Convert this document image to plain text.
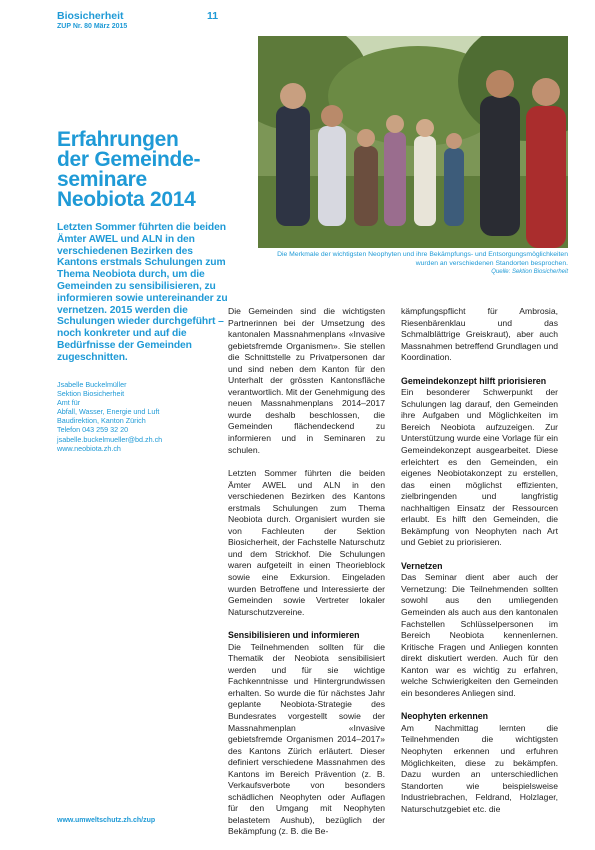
Biosicherheit
ZUP Nr. 80 März 2015
11
Die Merkmale der wichtigsten Neophyten und ihre Bekämpfungs- und Entsorgungsmöglichkeiten wurden an verschiedenen Standorten besprochen.
Quelle: Sektion Biosicherheit
Erfahrungen
der Gemeinde-
seminare
Neobiota 2014

Letzten Sommer führten die beiden Ämter AWEL und ALN in den verschiedenen Bezirken des Kantons erstmals Schulungen zum Thema Neobiota durch, um die Gemeinden zu sensibilisieren, zu informieren sowie untereinander zu vernetzen. 2015 werden die Schulungen wieder durchgeführt – noch konkreter und auf die Bedürfnisse der Gemeinden zugeschnitten.

Jsabelle Buckelmüller
Sektion Biosicherheit
Amt für
Abfall, Wasser, Energie und Luft
Baudirektion, Kanton Zürich
Telefon 043 259 32 20
jsabelle.buckelmueller@bd.zh.ch
www.neobiota.zh.ch

Die Gemeinden sind die wichtigsten Partnerinnen bei der Umsetzung des kantonalen Massnahmenplans «Invasive gebietsfremde Organismen». Sie stellen die Schnittstelle zu Privatpersonen dar und sind neben dem Kanton für den Unterhalt der grössten Kantonsfläche verantwortlich. Mit der Genehmigung des neuen Massnahmenplans 2014–2017 wurde deshalb beschlossen, die Gemeinden flächendeckend zu informieren und in Seminaren zu schulen.

Letzten Sommer führten die beiden Ämter AWEL und ALN in den verschiedenen Bezirken des Kantons erstmals Schulungen zum Thema Neobiota durch. Organisiert wurden sie von Fachleuten der Sektion Biosicherheit, der Fachstelle Naturschutz und dem Strickhof. Die Schulungen waren aufgeteilt in einen Theorieblock sowie eine Exkursion. Eingeladen wurden Betroffene und Interessierte der Gemeinden sowie Vertreter lokaler Naturschutzvereine.

Sensibilisieren und informieren

Die Teilnehmenden sollten für die Thematik der Neobiota sensibilisiert werden und für sie wichtige Fachkenntnisse und Hintergrundwissen erhalten. So wurde die für nächstes Jahr geplante Neobiota-Strategie des Bundesrates vorgestellt sowie der Massnahmenplan «Invasive gebietsfremde Organismen 2014–2017» des Kantons Zürich erläutert. Dieser definiert verschiedene Massnahmen des Kantons im Bereich Prävention (z. B. Verkaufsverbote von besonders schädlichen Neophyten oder Auflagen für den Umgang mit Neophyten belastetem Aushub), bezüglich der Bekämpfung (z. B. die Be-

kämpfungspflicht für Ambrosia, Riesenbärenklau und das Schmalblättrige Greiskraut), aber auch Massnahmen betreffend Grundlagen und Koordination.

Gemeindekonzept hilft priorisieren

Ein besonderer Schwerpunkt der Schulungen lag darauf, den Gemeinden ihre Aufgaben und Möglichkeiten im Bereich Neobiota aufzuzeigen. Zur Unterstützung wurde eine Vorlage für ein Gemeindekonzept ausgearbeitet. Diese erleichtert es den Gemeinden, ein eigenes Neobiotakonzept zu erstellen, das einen möglichst effizienten, zielbringenden und langfristig nachhaltigen Einsatz der Ressourcen erlaubt. Es hilft den Gemeinden, die Bekämpfung von Neophyten nach Art und Gebiet zu priorisieren.

Vernetzen

Das Seminar dient aber auch der Vernetzung: Die Teilnehmenden sollten sowohl aus den umliegenden Gemeinden als auch aus den kantonalen Fachstellen Schlüsselpersonen im Bereich Neobiota kennenlernen. Kritische Fragen und Anliegen konnten direkt diskutiert werden. Auch für den Kanton war es wichtig zu erfahren, welche Schwierigkeiten den Gemeinden ein besonderes Anliegen sind.

Neophyten erkennen

Am Nachmittag lernten die Teilnehmenden die wichtigsten Neophyten erkennen und erfuhren Möglichkeiten, diese zu bekämpfen. Dazu wurden an unterschiedlichen Standorten wie beispielsweise Industriebrachen, Feldrand, Holzlager, Naturschutzgebiet etc. die

www.umweltschutz.zh.ch/zup
